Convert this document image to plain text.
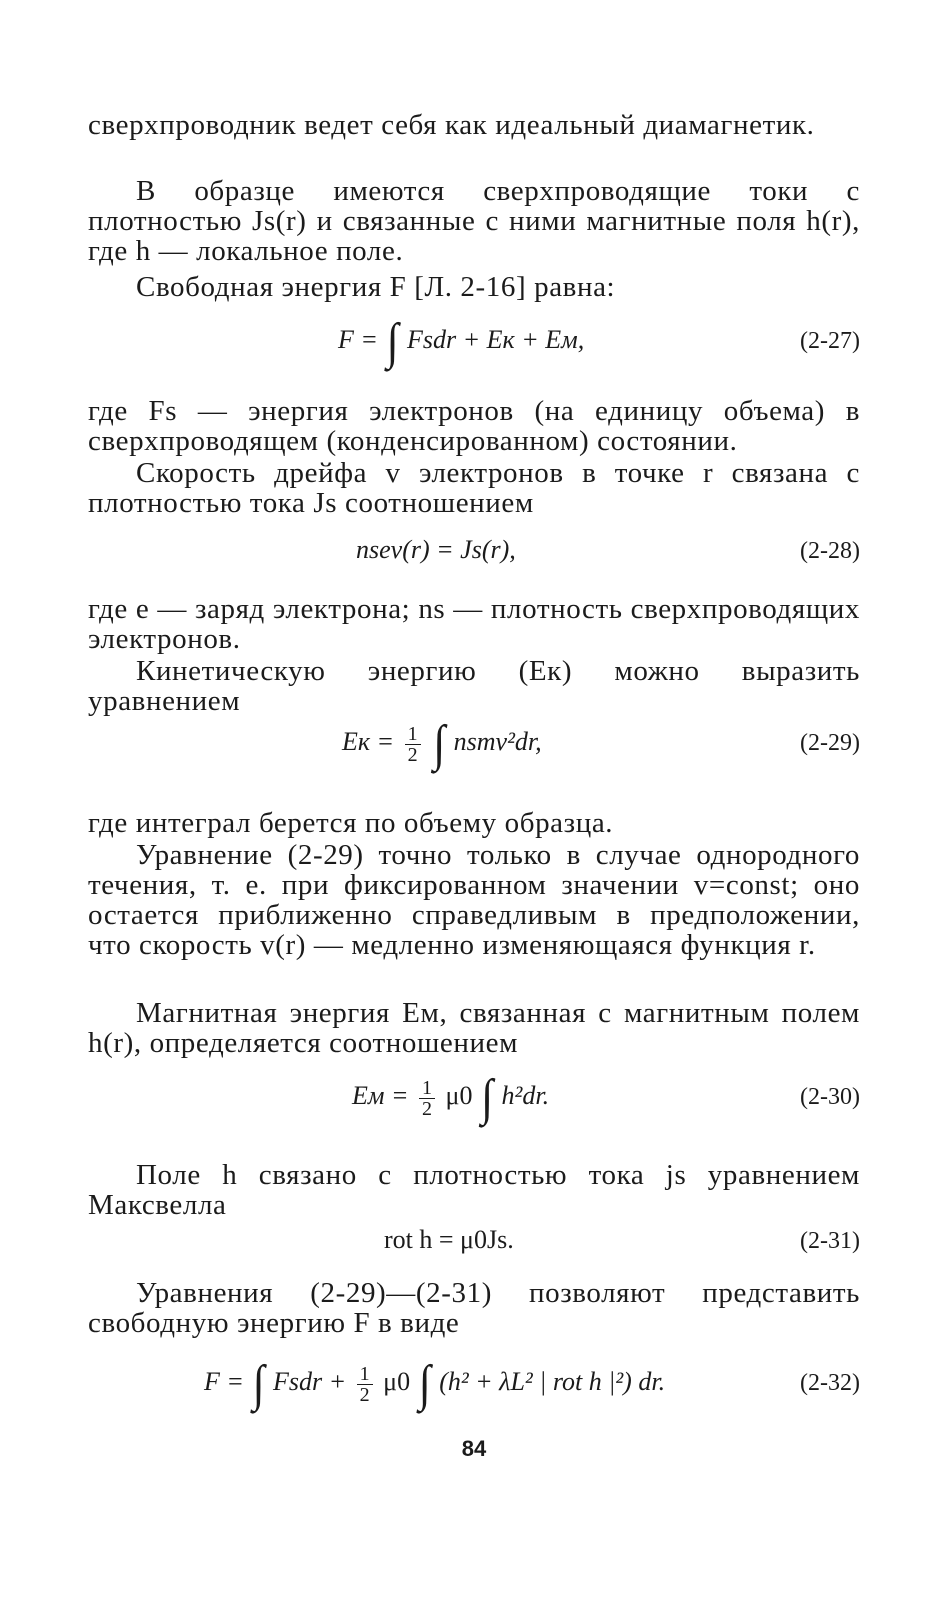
сверхпроводник ведет себя как идеальный диамагнетик.

В образце имеются сверхпроводящие токи с плотностью Js(r) и связанные с ними магнитные поля h(r), где h — локальное поле.

Свободная энергия F [Л. 2-16] равна:

F = ∫ Fsdr + Eк + Eм,	(2-27)

где Fs — энергия электронов (на единицу объема) в сверхпроводящем (конденсированном) состоянии.

Скорость дрейфа v электронов в точке r связана с плотностью тока Js соотношением

nsev(r) = Js(r),	(2-28)

где e — заряд электрона; ns — плотность сверхпроводящих электронов.

Кинетическую энергию (Eк) можно выразить уравнением

Eк = $\frac{1}{2}$ ∫ nsmv²dr,	(2-29)

где интеграл берется по объему образца.

Уравнение (2-29) точно только в случае однородного течения, т. е. при фиксированном значении v=const; оно остается приближенно справедливым в предположении, что скорость v(r) — медленно изменяющаяся функция r.

Магнитная энергия Eм, связанная с магнитным полем h(r), определяется соотношением

Eм = $\frac{1}{2} \mu 0$ ∫ h²dr.	(2-30)

Поле h связано с плотностью тока js уравнением Максвелла

rot h = μ0Js.	(2-31)

Уравнения (2-29)—(2-31) позволяют представить свободную энергию F в виде

F = ∫ Fsdr + $\frac{1}{2} \mu 0$ ∫ (h² + λL² | rot h |²) dr.	(2-32)
84
